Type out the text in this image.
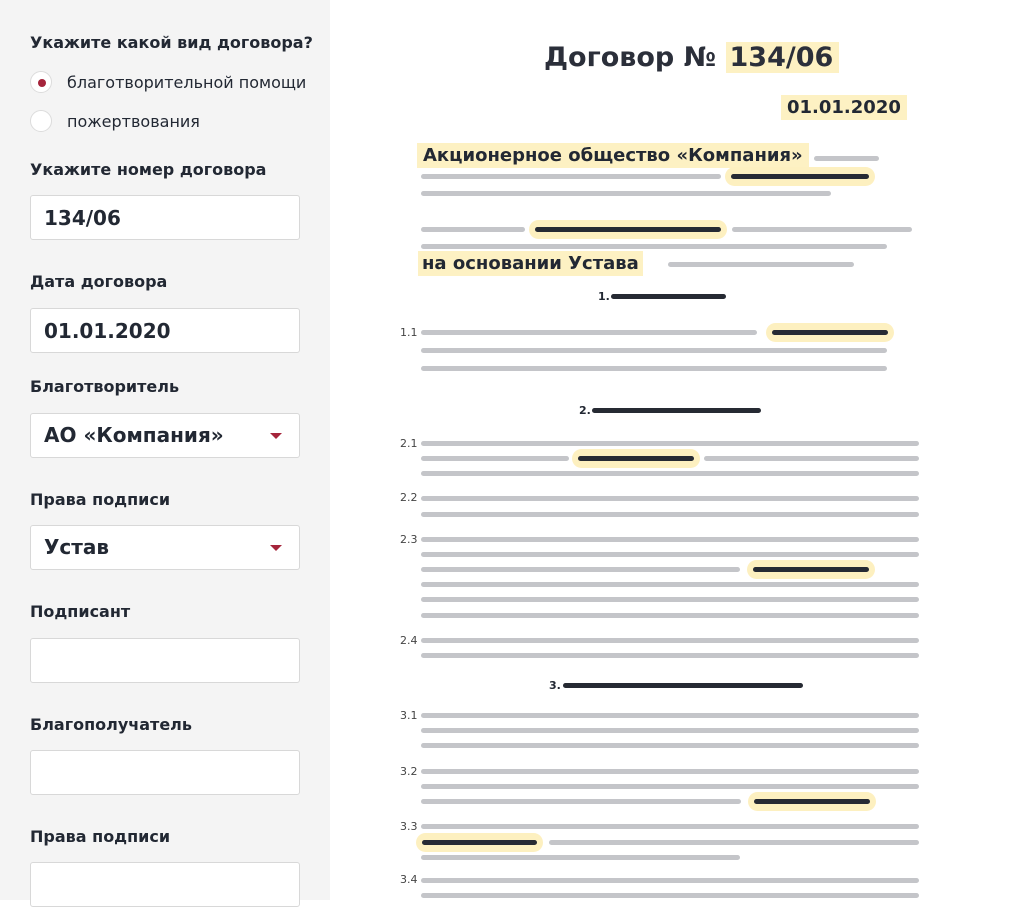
Укажите какой вид договора?
благотворительной помощи
пожертвования
Укажите номер договора
134/06
Дата договора
01.01.2020
Благотворитель
АО «Компания»
Права подписи
Устав
Подписант
Благополучатель
Права подписи
Договор № 134/06
01.01.2020
Акционерное общество «Компания»
на основании Устава
1.
2.
3.
1.1
2.1
2.2
2.3
2.4
3.1
3.2
3.3
3.4
